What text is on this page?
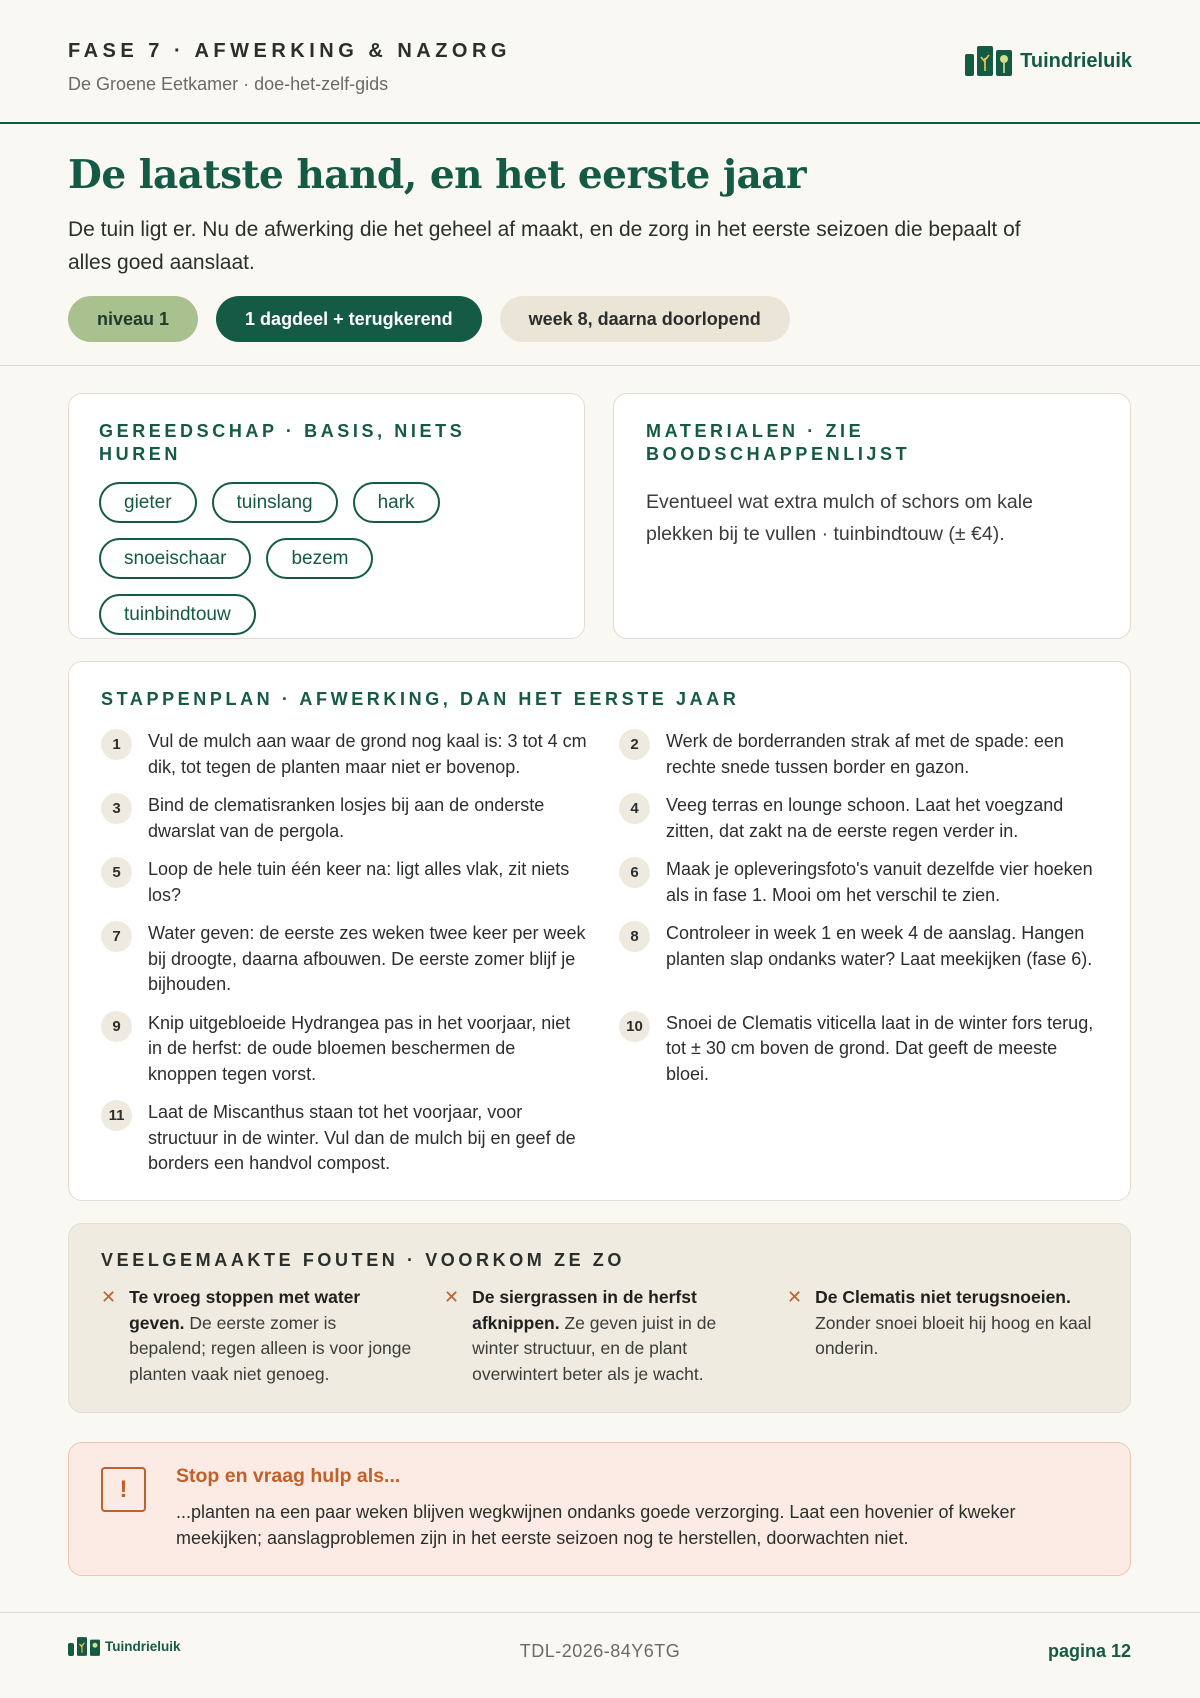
FASE 7 · AFWERKING & NAZORG
De Groene Eetkamer · doe-het-zelf-gids
Tuindrieluik
De laatste hand, en het eerste jaar

De tuin ligt er. Nu de afwerking die het geheel af maakt, en de zorg in het eerste seizoen die bepaalt of alles goed aanslaat.

niveau 1	1 dagdeel + terugkerend	week 8, daarna doorlopend
GEREEDSCHAP · BASIS, NIETS HUREN
gieter	tuinslang	hark
snoeischaar	bezem
tuinbindtouw
MATERIALEN · ZIE BOODSCHAPPENLIJST

Eventueel wat extra mulch of schors om kale plekken bij te vullen · tuinbindtouw (± €4).

STAPPENPLAN · AFWERKING, DAN HET EERSTE JAAR
1	Vul de mulch aan waar de grond nog kaal is: 3 tot 4 cm dik, tot tegen de planten maar niet er bovenop.
2	Werk de borderranden strak af met de spade: een rechte snede tussen border en gazon.
3	Bind de clematisranken losjes bij aan de onderste dwarslat van de pergola.
4	Veeg terras en lounge schoon. Laat het voegzand zitten, dat zakt na de eerste regen verder in.
5	Loop de hele tuin één keer na: ligt alles vlak, zit niets los?
6	Maak je opleveringsfoto's vanuit dezelfde vier hoeken als in fase 1. Mooi om het verschil te zien.
7	Water geven: de eerste zes weken twee keer per week bij droogte, daarna afbouwen. De eerste zomer blijf je bijhouden.
8	Controleer in week 1 en week 4 de aanslag. Hangen planten slap ondanks water? Laat meekijken (fase 6).
9	Knip uitgebloeide Hydrangea pas in het voorjaar, niet in de herfst: de oude bloemen beschermen de knoppen tegen vorst.
10	Snoei de Clematis viticella laat in de winter fors terug, tot ± 30 cm boven de grond. Dat geeft de meeste bloei.
11	Laat de Miscanthus staan tot het voorjaar, voor structuur in de winter. Vul dan de mulch bij en geef de borders een handvol compost.
VEELGEMAAKTE FOUTEN · VOORKOM ZE ZO
✕ Te vroeg stoppen met water geven. De eerste zomer is bepalend; regen alleen is voor jonge planten vaak niet genoeg.

✕ De siergrassen in de herfst afknippen. Ze geven juist in de winter structuur, en de plant overwintert beter als je wacht.

✕ De Clematis niet terugsnoeien. Zonder snoei bloeit hij hoog en kaal onderin.

!	Stop en vraag hulp als...

...planten na een paar weken blijven wegkwijnen ondanks goede verzorging. Laat een hovenier of kweker meekijken; aanslagproblemen zijn in het eerste seizoen nog te herstellen, doorwachten niet.

Tuindrieluik	TDL-2026-84Y6TG	pagina 12
